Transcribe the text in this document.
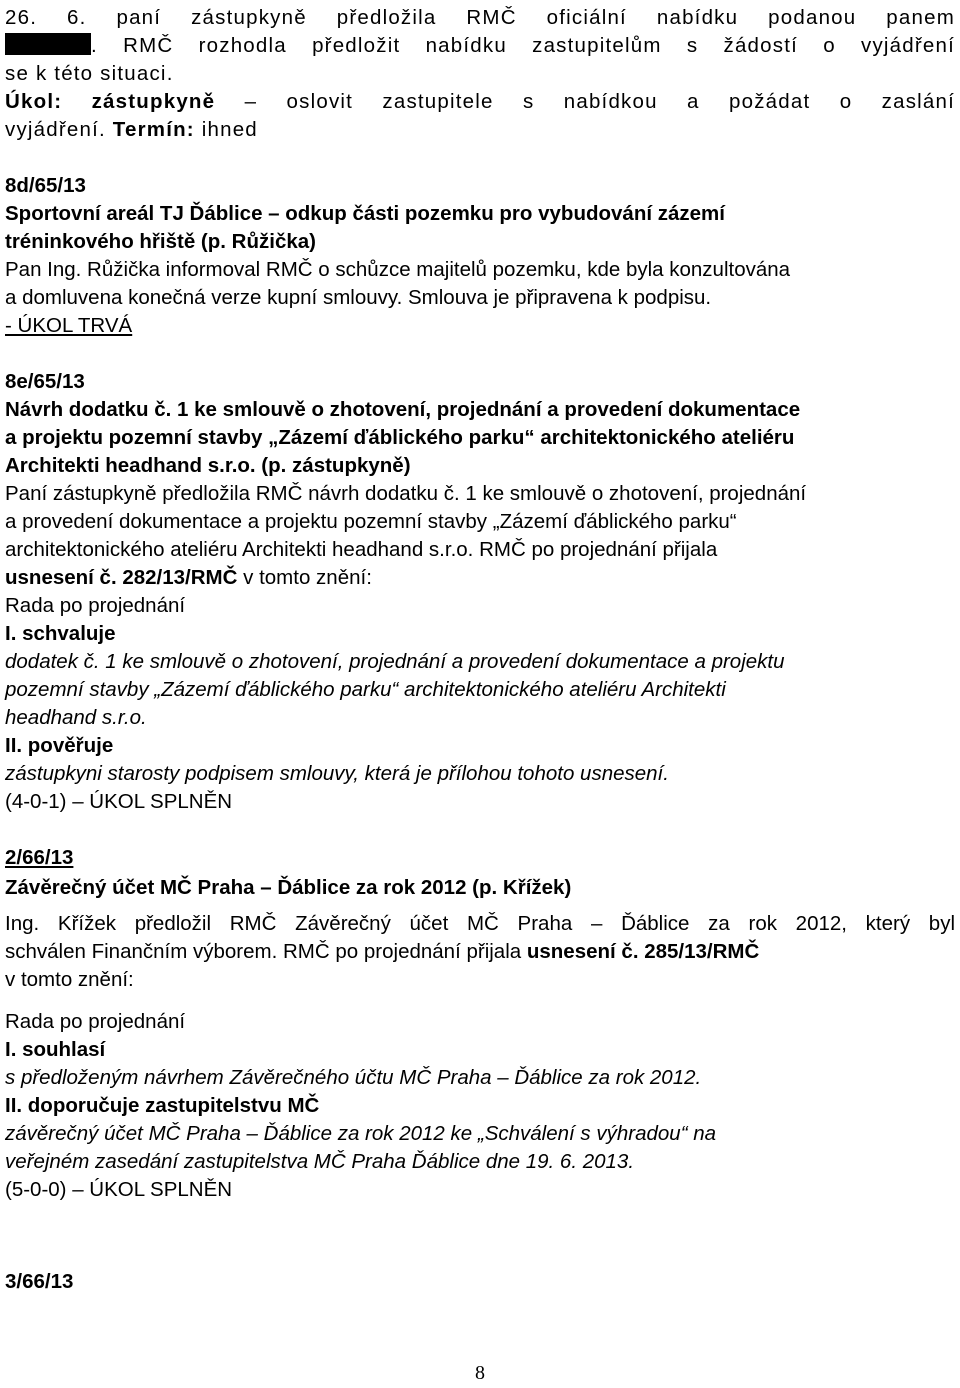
26. 6. paní zástupkyně předložila RMČ oficiální nabídku podanou panem
. RMČ rozhodla předložit nabídku zastupitelům s žádostí o vyjádření
se k této situaci.
Úkol: zástupkyně – oslovit zastupitele s nabídkou a požádat o zaslání
vyjádření. Termín: ihned
8d/65/13
Sportovní areál TJ Ďáblice – odkup části pozemku pro vybudování zázemí
tréninkového hřiště (p. Růžička)
Pan Ing. Růžička informoval RMČ o schůzce majitelů pozemku, kde byla konzultována
a domluvena konečná verze kupní smlouvy. Smlouva je připravena k podpisu.
- ÚKOL TRVÁ
8e/65/13
Návrh dodatku č. 1 ke smlouvě o zhotovení, projednání a provedení dokumentace
a projektu pozemní stavby „Zázemí ďáblického parku“ architektonického ateliéru
Architekti headhand s.r.o. (p. zástupkyně)
Paní zástupkyně předložila RMČ návrh dodatku č. 1 ke smlouvě o zhotovení, projednání
a provedení dokumentace a projektu pozemní stavby „Zázemí ďáblického parku“
architektonického ateliéru Architekti headhand s.r.o. RMČ po projednání přijala
usnesení č. 282/13/RMČ v tomto znění:
Rada po projednání
I. schvaluje
dodatek č. 1 ke smlouvě o zhotovení, projednání a provedení dokumentace a projektu
pozemní stavby „Zázemí ďáblického parku“ architektonického ateliéru Architekti
headhand s.r.o.
II. pověřuje
zástupkyni starosty podpisem smlouvy, která je přílohou tohoto usnesení.
(4-0-1) – ÚKOL SPLNĚN
2/66/13
Závěrečný účet MČ Praha – Ďáblice za rok 2012 (p. Křížek)
Ing. Křížek předložil RMČ Závěrečný účet MČ Praha – Ďáblice za rok 2012, který byl
schválen Finančním výborem. RMČ po projednání přijala usnesení č. 285/13/RMČ
v tomto znění:
Rada po projednání
I. souhlasí
s předloženým návrhem Závěrečného účtu MČ Praha – Ďáblice za rok 2012.
II. doporučuje zastupitelstvu MČ
závěrečný účet MČ Praha – Ďáblice za rok 2012 ke „Schválení s výhradou“ na
veřejném zasedání zastupitelstva MČ Praha Ďáblice dne 19. 6. 2013.
(5-0-0) – ÚKOL SPLNĚN
3/66/13
8
